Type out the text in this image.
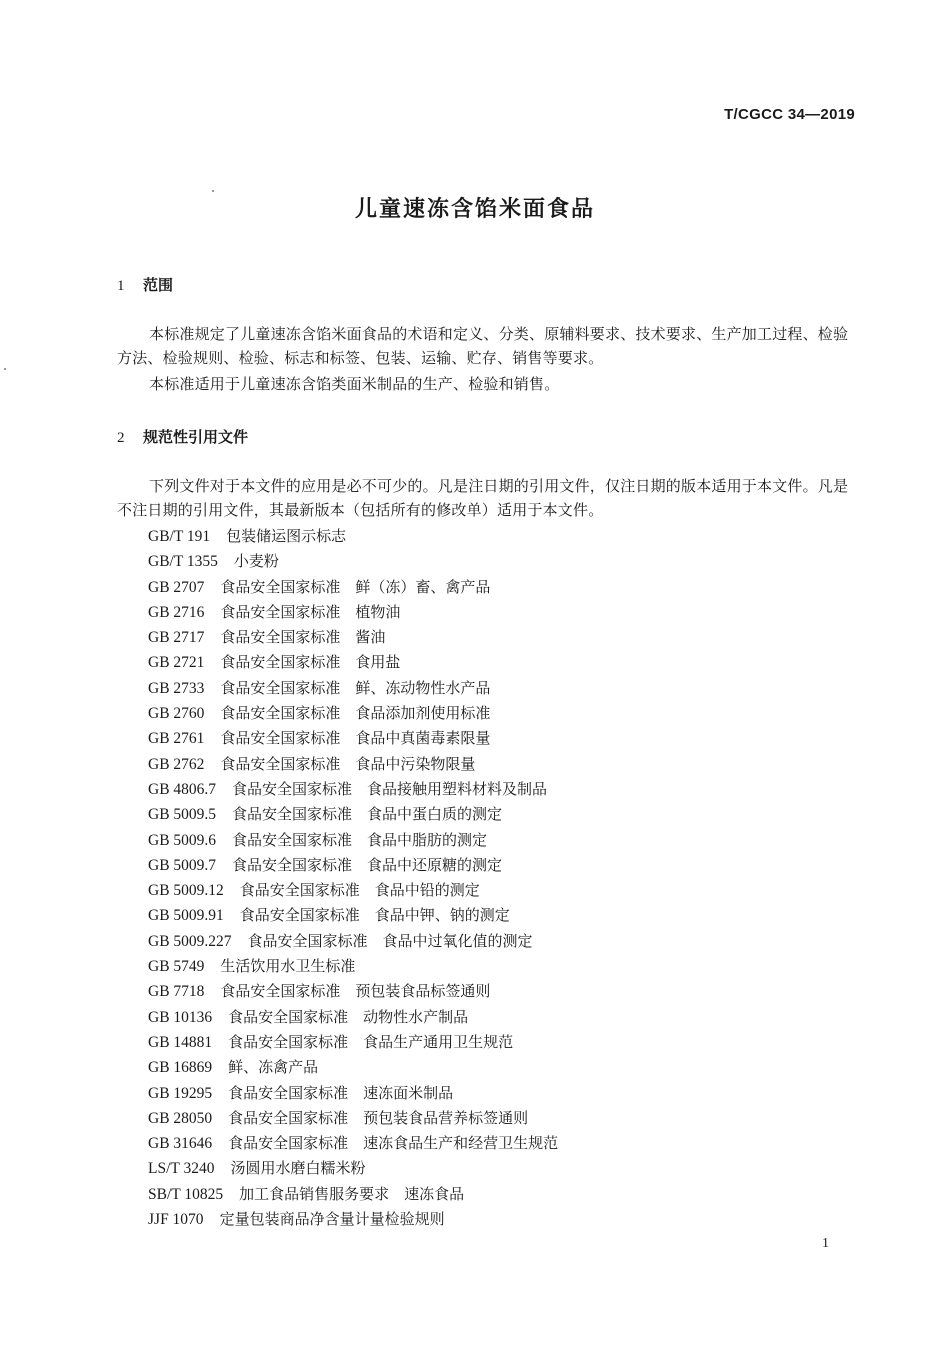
T/CGCC 34—2019
儿童速冻含馅米面食品
1 范围

本标准规定了儿童速冻含馅米面食品的术语和定义、分类、原辅料要求、技术要求、生产加工过程、检验方法、检验规则、检验、标志和标签、包装、运输、贮存、销售等要求。

本标准适用于儿童速冻含馅类面米制品的生产、检验和销售。

2 规范性引用文件

下列文件对于本文件的应用是必不可少的。凡是注日期的引用文件，仅注日期的版本适用于本文件。凡是不注日期的引用文件，其最新版本（包括所有的修改单）适用于本文件。

GB/T 191 包装储运图示标志
GB/T 1355 小麦粉
GB 2707 食品安全国家标准　鲜（冻）畜、禽产品
GB 2716 食品安全国家标准　植物油
GB 2717 食品安全国家标准　酱油
GB 2721 食品安全国家标准　食用盐
GB 2733 食品安全国家标准　鲜、冻动物性水产品
GB 2760 食品安全国家标准　食品添加剂使用标准
GB 2761 食品安全国家标准　食品中真菌毒素限量
GB 2762 食品安全国家标准　食品中污染物限量
GB 4806.7 食品安全国家标准　食品接触用塑料材料及制品
GB 5009.5 食品安全国家标准　食品中蛋白质的测定
GB 5009.6 食品安全国家标准　食品中脂肪的测定
GB 5009.7 食品安全国家标准　食品中还原糖的测定
GB 5009.12 食品安全国家标准　食品中铅的测定
GB 5009.91 食品安全国家标准　食品中钾、钠的测定
GB 5009.227 食品安全国家标准　食品中过氧化值的测定
GB 5749 生活饮用水卫生标准
GB 7718 食品安全国家标准　预包装食品标签通则
GB 10136 食品安全国家标准　动物性水产制品
GB 14881 食品安全国家标准　食品生产通用卫生规范
GB 16869 鲜、冻禽产品
GB 19295 食品安全国家标准　速冻面米制品
GB 28050 食品安全国家标准　预包装食品营养标签通则
GB 31646 食品安全国家标准　速冻食品生产和经营卫生规范
LS/T 3240 汤圆用水磨白糯米粉
SB/T 10825 加工食品销售服务要求　速冻食品
JJF 1070 定量包装商品净含量计量检验规则
1
